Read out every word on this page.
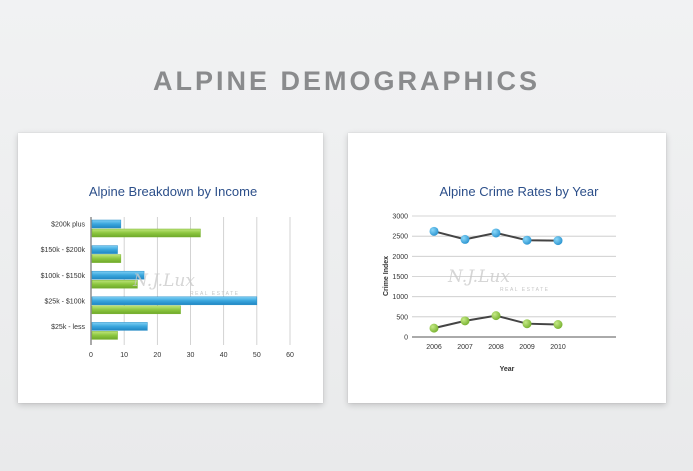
ALPINE DEMOGRAPHICS
Alpine Breakdown by Income
0	10	20	30	40	50	60
$200k plus
$150k - $200k
$100k - $150k
$25k - $100k
$25k - less
N.J.Lux
REAL ESTATE
Alpine Crime Rates by Year
0
500
1000
1500
2000
2500
3000
2006 2007 2008 2009 2010
Year
Crime Index	N.J.Lux
REAL ESTATE
